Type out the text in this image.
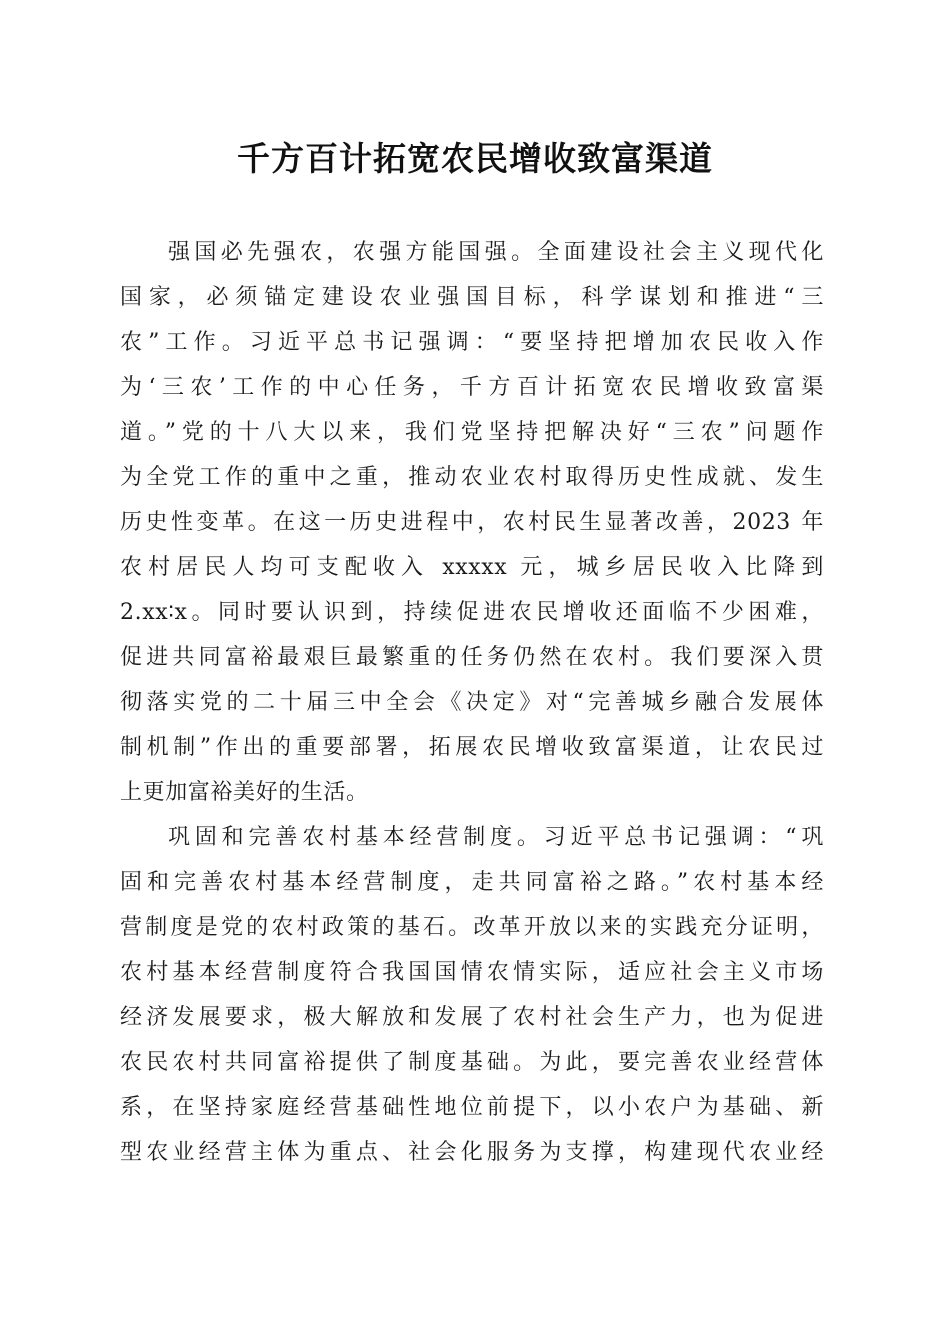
千方百计拓宽农民增收致富渠道
强国必先强农，农强方能国强。全面建设社会主义现代化
国家，必须锚定建设农业强国目标，科学谋划和推进“三
农”工作。习近平总书记强调：“要坚持把增加农民收入作
为‘三农’工作的中心任务，千方百计拓宽农民增收致富渠
道。”党的十八大以来，我们党坚持把解决好“三农”问题作
为全党工作的重中之重，推动农业农村取得历史性成就、发生
历史性变革。在这一历史进程中，农村民生显著改善，2023 年
农村居民人均可支配收入 xxxxx 元，城乡居民收入比降到
2.xx∶x。同时要认识到，持续促进农民增收还面临不少困难，
促进共同富裕最艰巨最繁重的任务仍然在农村。我们要深入贯
彻落实党的二十届三中全会《决定》对“完善城乡融合发展体
制机制”作出的重要部署，拓展农民增收致富渠道，让农民过
上更加富裕美好的生活。
巩固和完善农村基本经营制度。习近平总书记强调：“巩
固和完善农村基本经营制度，走共同富裕之路。”农村基本经
营制度是党的农村政策的基石。改革开放以来的实践充分证明，
农村基本经营制度符合我国国情农情实际，适应社会主义市场
经济发展要求，极大解放和发展了农村社会生产力，也为促进
农民农村共同富裕提供了制度基础。为此，要完善农业经营体
系，在坚持家庭经营基础性地位前提下，以小农户为基础、新
型农业经营主体为重点、社会化服务为支撑，构建现代农业经
